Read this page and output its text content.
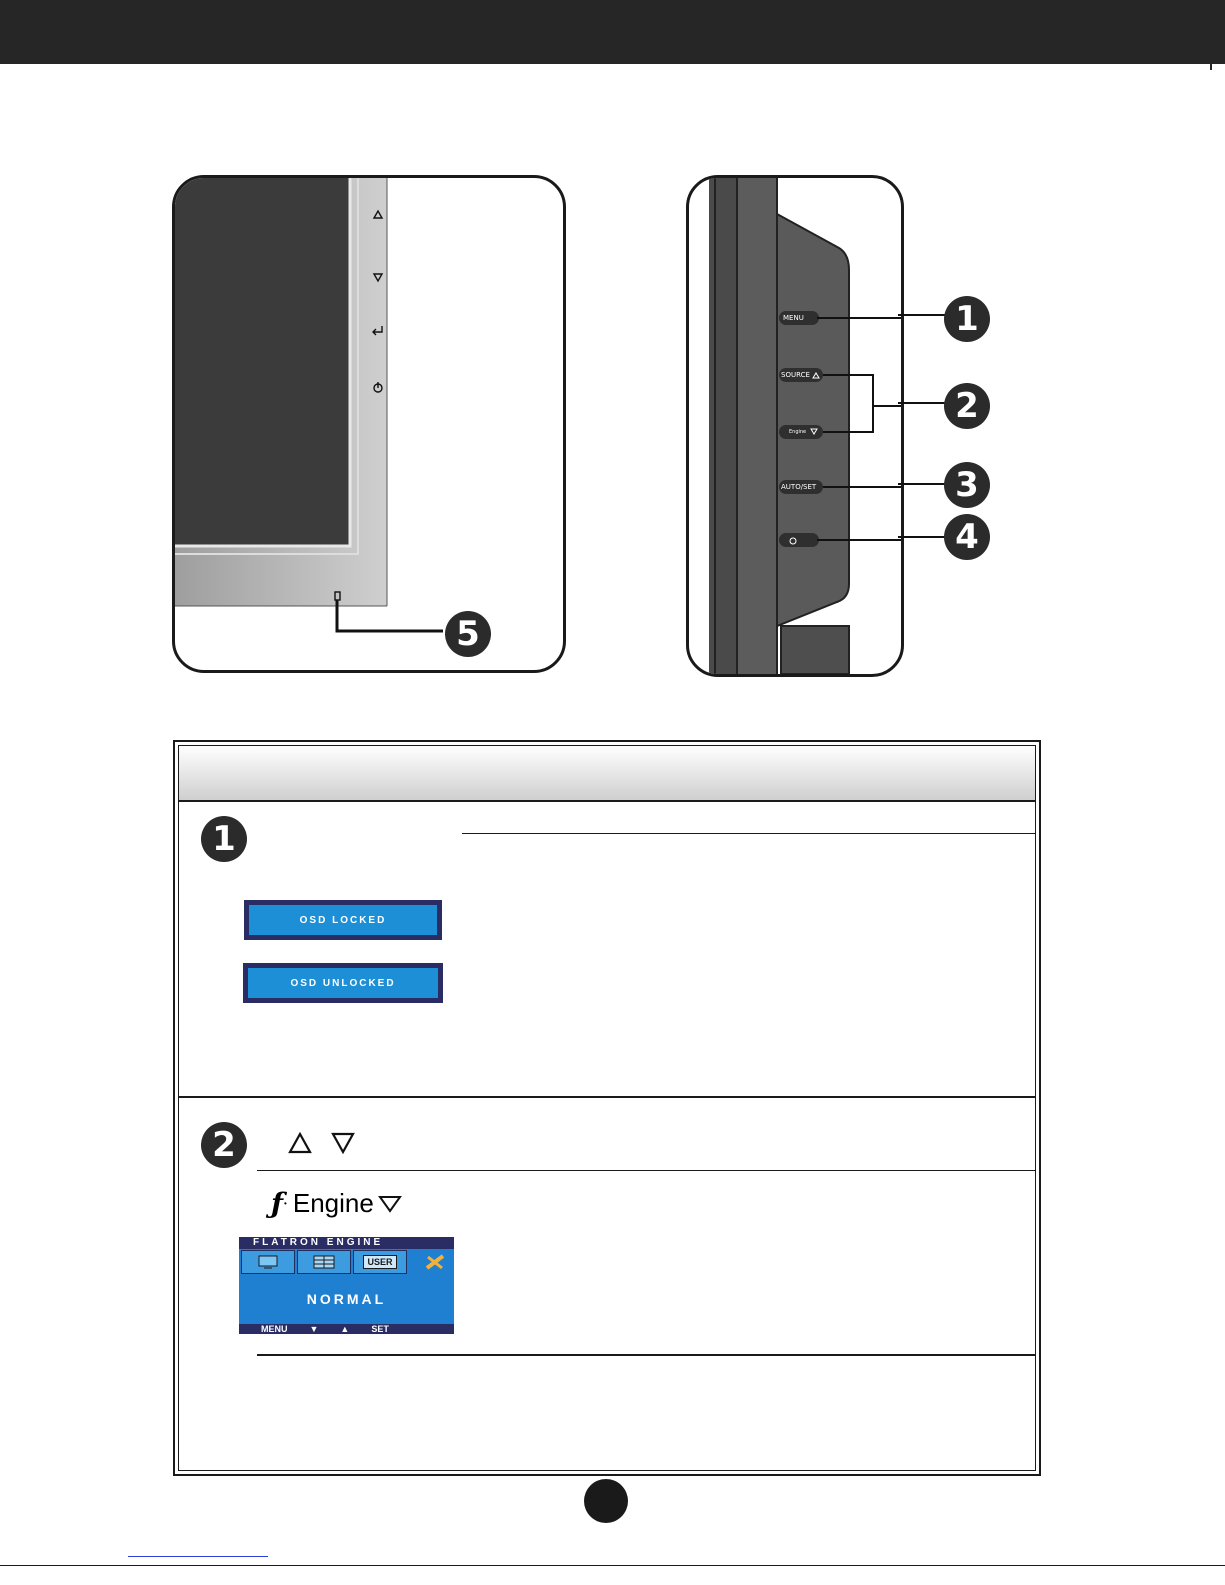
5
MENU
SOURCE
Engine
AUTO/SET
1
2
3
4
1
OSD LOCKED
OSD UNLOCKED
2
ƒ • Engine
FLATRON ENGINE
USER
NORMAL
MENU ▼ ▲ SET
